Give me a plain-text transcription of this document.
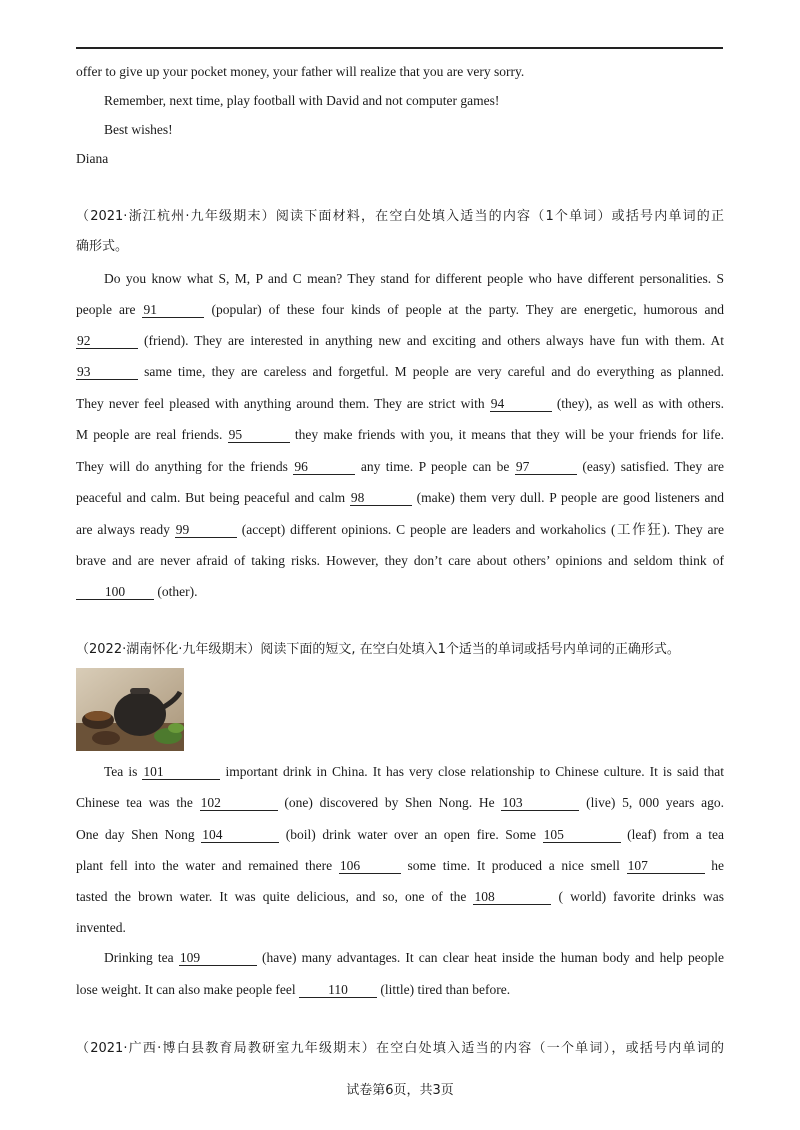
offer to give up your pocket money, your father will realize that you are very sorry.
Remember, next time, play football with David and not computer games!
Best wishes!
Diana
（2021·浙江杭州·九年级期末）阅读下面材料，在空白处填入适当的内容（1个单词）或括号内单词的正
确形式。
Do you know what S, M, P and C mean? They stand for different people who have different personalities. S
people are 91	(popular) of these four kinds of people at the party. They are energetic, humorous and
92	(friend). They are interested in anything new and exciting and others always have fun with them. At
93	same time, they are careless and forgetful. M people are very careful and do everything as planned.
They never feel pleased with anything around them. They are strict with 94	(they), as well as with others.
M people are real friends. 95	they make friends with you, it means that they will be your friends for life.
They will do anything for the friends 96	any time. P people can be 97	(easy) satisfied. They are
peaceful and calm. But being peaceful and calm 98	(make) them very dull. P people are good listeners and
are always ready 99	(accept) different opinions. C people are leaders and workaholics (工作狂). They are
brave and are never afraid of taking risks. However, they don’t care about others’ opinions and seldom think of
100 (other).
（2022·湖南怀化·九年级期末）阅读下面的短文, 在空白处填入1个适当的单词或括号内单词的正确形式。
Tea is 101	important drink in China. It has very close relationship to Chinese culture. It is said that
Chinese tea was the 102	(one) discovered by Shen Nong. He 103	(live) 5, 000 years ago.
One day Shen Nong 104	(boil) drink water over an open fire. Some 105	(leaf) from a tea
plant fell into the water and remained there 106	some time. It produced a nice smell 107	he
tasted the brown water. It was quite delicious, and so, one of the 108	( world) favorite drinks was
invented.
Drinking tea 109	(have) many advantages. It can clear heat inside the human body and help people
lose weight. It can also make people feel 110 (little) tired than before.
（2021·广西·博白县教育局教研室九年级期末）在空白处填入适当的内容（一个单词），或括号内单词的
试卷第6页，共3页
